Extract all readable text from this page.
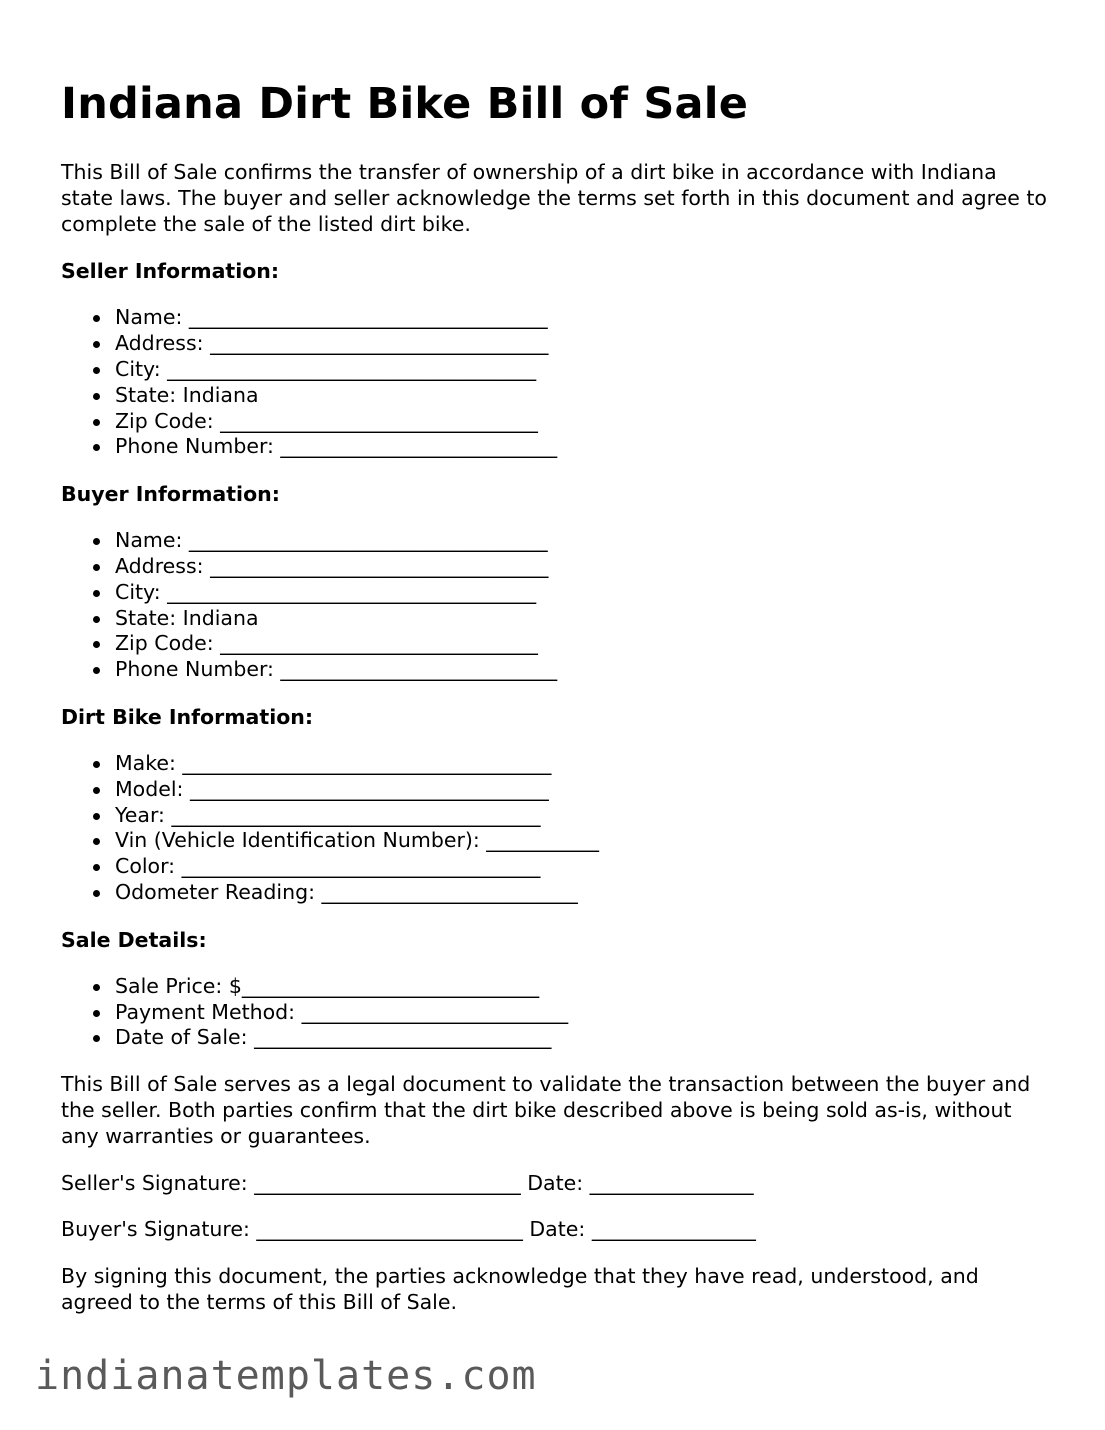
Indiana Dirt Bike Bill of Sale

This Bill of Sale confirms the transfer of ownership of a dirt bike in accordance with Indiana state laws. The buyer and seller acknowledge the terms set forth in this document and agree to complete the sale of the listed dirt bike.

Seller Information:
Name: ___________________________________
Address: _________________________________
City: ____________________________________
State: Indiana
Zip Code: _______________________________
Phone Number: ___________________________
Buyer Information:
Name: ___________________________________
Address: _________________________________
City: ____________________________________
State: Indiana
Zip Code: _______________________________
Phone Number: ___________________________
Dirt Bike Information:
Make: ____________________________________
Model: ___________________________________
Year: ____________________________________
Vin (Vehicle Identification Number): ___________
Color: ___________________________________
Odometer Reading: _________________________
Sale Details:
Sale Price: $_____________________________
Payment Method: __________________________
Date of Sale: _____________________________

This Bill of Sale serves as a legal document to validate the transaction between the buyer and the seller. Both parties confirm that the dirt bike described above is being sold as-is, without any warranties or guarantees.

Seller's Signature: __________________________ Date: ________________

Buyer's Signature: __________________________ Date: ________________

By signing this document, the parties acknowledge that they have read, understood, and agreed to the terms of this Bill of Sale.

indianatemplates.com
